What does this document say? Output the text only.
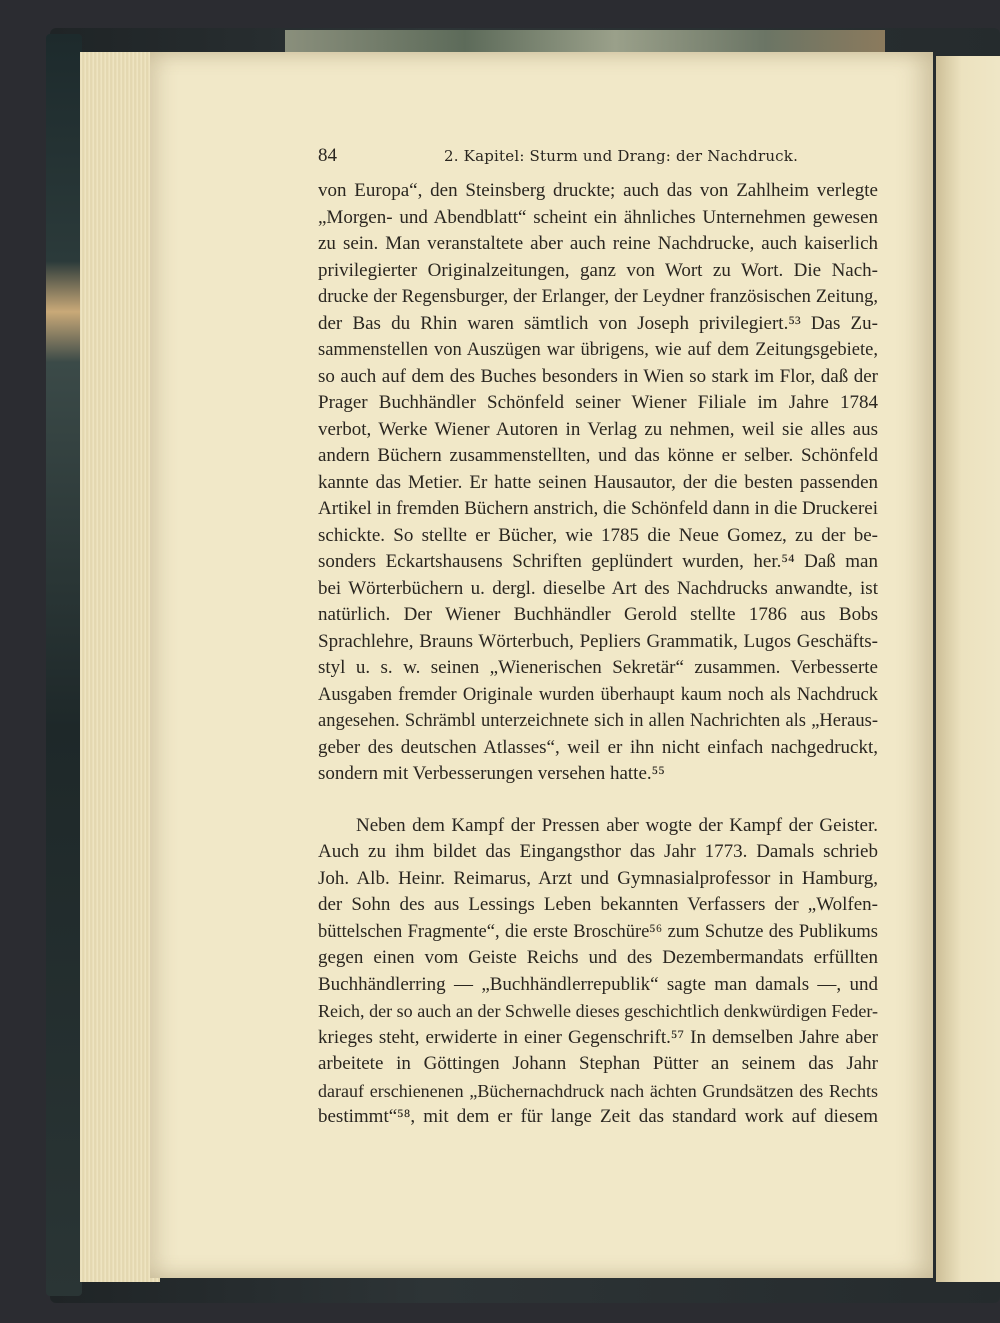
84	2. Kapitel: Sturm und Drang: der Nachdruck.
von Europa“, den Steinsberg druckte; auch das von Zahlheim verlegte
„Morgen- und Abendblatt“ scheint ein ähnliches Unternehmen gewesen
zu sein. Man veranstaltete aber auch reine Nachdrucke, auch kaiserlich
privilegierter Originalzeitungen, ganz von Wort zu Wort. Die Nach-
drucke der Regensburger, der Erlanger, der Leydner französischen Zeitung,
der Bas du Rhin waren sämtlich von Joseph privilegiert.⁵³ Das Zu-
sammenstellen von Auszügen war übrigens, wie auf dem Zeitungsgebiete,
so auch auf dem des Buches besonders in Wien so stark im Flor, daß der
Prager Buchhändler Schönfeld seiner Wiener Filiale im Jahre 1784
verbot, Werke Wiener Autoren in Verlag zu nehmen, weil sie alles aus
andern Büchern zusammenstellten, und das könne er selber. Schönfeld
kannte das Metier. Er hatte seinen Hausautor, der die besten passenden
Artikel in fremden Büchern anstrich, die Schönfeld dann in die Druckerei
schickte. So stellte er Bücher, wie 1785 die Neue Gomez, zu der be-
sonders Eckartshausens Schriften geplündert wurden, her.⁵⁴ Daß man
bei Wörterbüchern u. dergl. dieselbe Art des Nachdrucks anwandte, ist
natürlich. Der Wiener Buchhändler Gerold stellte 1786 aus Bobs
Sprachlehre, Brauns Wörterbuch, Pepliers Grammatik, Lugos Geschäfts-
styl u. s. w. seinen „Wienerischen Sekretär“ zusammen. Verbesserte
Ausgaben fremder Originale wurden überhaupt kaum noch als Nachdruck
angesehen. Schrämbl unterzeichnete sich in allen Nachrichten als „Heraus-
geber des deutschen Atlasses“, weil er ihn nicht einfach nachgedruckt,
sondern mit Verbesserungen versehen hatte.⁵⁵
Neben dem Kampf der Pressen aber wogte der Kampf der Geister.
Auch zu ihm bildet das Eingangsthor das Jahr 1773. Damals schrieb
Joh. Alb. Heinr. Reimarus, Arzt und Gymnasialprofessor in Hamburg,
der Sohn des aus Lessings Leben bekannten Verfassers der „Wolfen-
büttelschen Fragmente“, die erste Broschüre⁵⁶ zum Schutze des Publikums
gegen einen vom Geiste Reichs und des Dezembermandats erfüllten
Buchhändlerring — „Buchhändlerrepublik“ sagte man damals —, und
Reich, der so auch an der Schwelle dieses geschichtlich denkwürdigen Feder-
krieges steht, erwiderte in einer Gegenschrift.⁵⁷ In demselben Jahre aber
arbeitete in Göttingen Johann Stephan Pütter an seinem das Jahr
darauf erschienenen „Büchernachdruck nach ächten Grundsätzen des Rechts
bestimmt“⁵⁸, mit dem er für lange Zeit das standard work auf diesem
